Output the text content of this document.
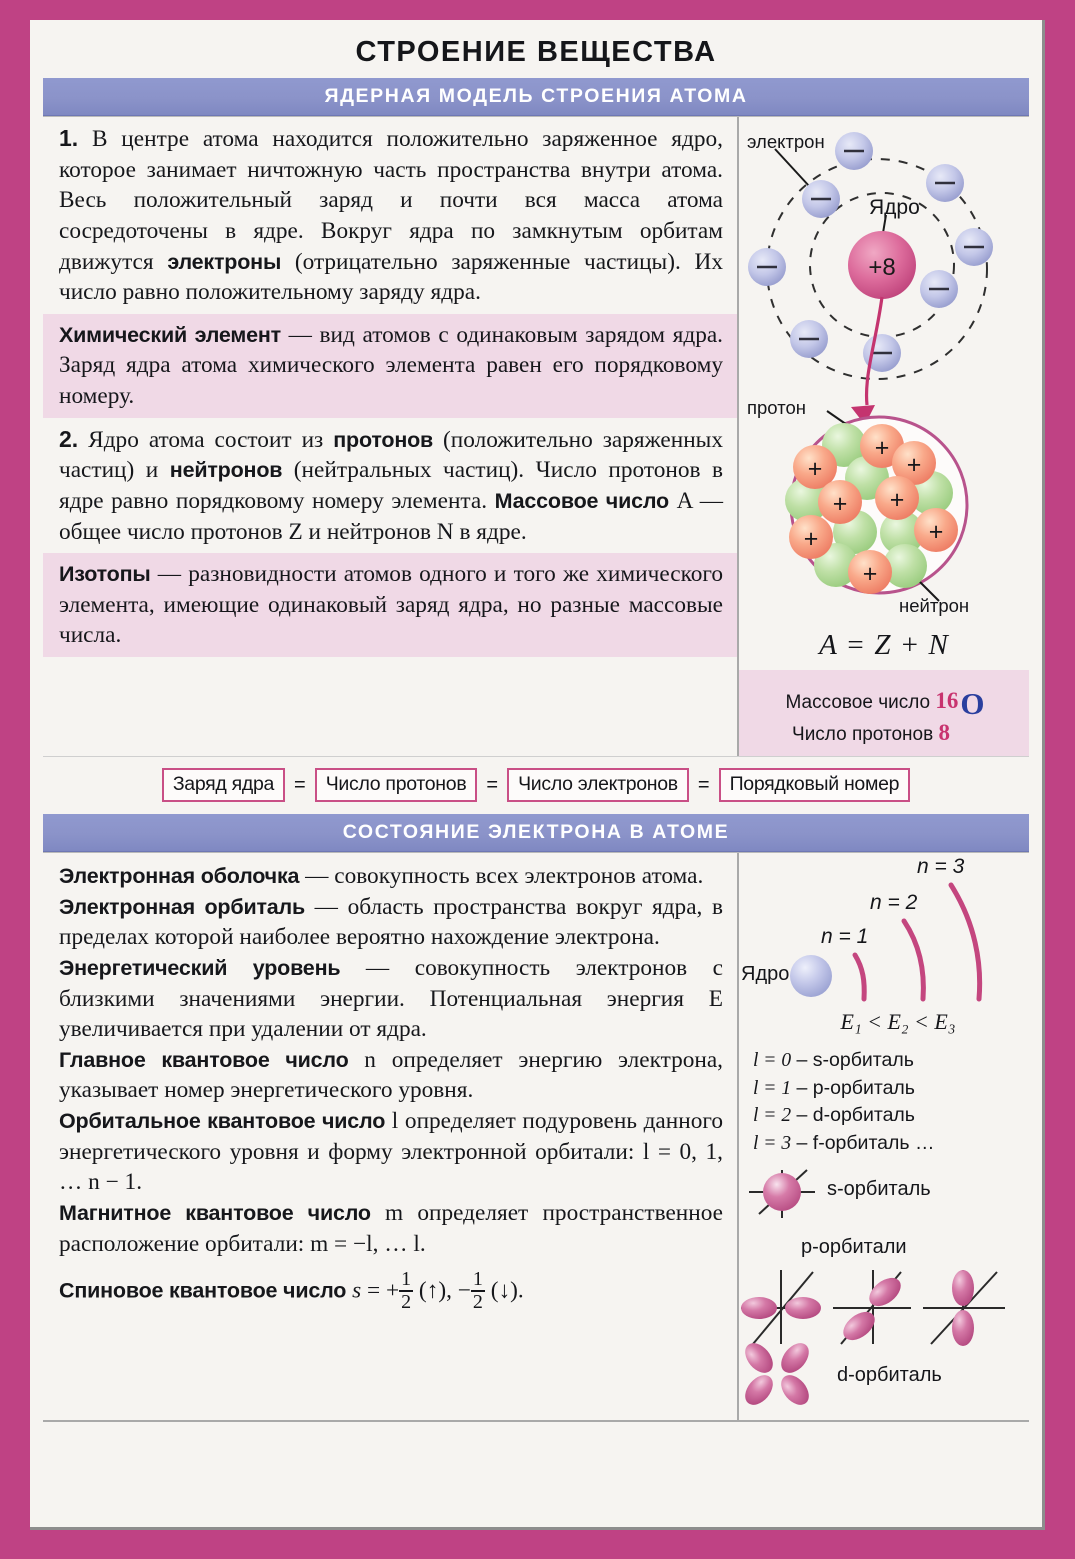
СТРОЕНИЕ ВЕЩЕСТВА
ЯДЕРНАЯ МОДЕЛЬ СТРОЕНИЯ АТОМА
1. В центре атома находится положительно заряженное ядро, которое занимает ничтожную часть пространства внутри атома. Весь положительный заряд и почти вся масса атома сосредоточены в ядре. Вокруг ядра по замкнутым орбитам движутся электроны (отрицательно заряженные частицы). Их число равно положительному заряду ядра.
Химический элемент — вид атомов с одинаковым зарядом ядра. Заряд ядра атома химического элемента равен его порядковому номеру.
2. Ядро атома состоит из протонов (положительно заряженных частиц) и нейтронов (нейтральных частиц). Число протонов в ядре равно порядковому номеру элемента. Массовое число A — общее число протонов Z и нейтронов N в ядре.
Изотопы — разновидности атомов одного и того же химического элемента, имеющие одинаковый заряд ядра, но разные массовые числа.
+8
электрон
Ядро
+
+	+
+ +
+	+
+
протон
нейтрон
A = Z + N
Массовое число 16O
Число протонов 8
Заряд ядра	=	Число протонов	=	Число электронов	=	Порядковый номер
СОСТОЯНИЕ ЭЛЕКТРОНА В АТОМЕ
Электронная оболочка — совокупность всех электронов атома.
Электронная орбиталь — область пространства вокруг ядра, в пределах которой наиболее вероятно нахождение электрона.
Энергетический уровень — совокупность электронов с близкими значениями энергии. Потенциальная энергия E увеличивается при удалении от ядра.
Главное квантовое число n определяет энергию электрона, указывает номер энергетического уровня.
Орбитальное квантовое число l определяет подуровень данного энергетического уровня и форму электронной орбитали: l = 0, 1, … n − 1.
Магнитное квантовое число m определяет пространственное расположение орбитали: m = −l, … l.
Спиновое квантовое число s = + $\frac{1}{2}$ (↑), − $\frac{1}{2}$ (↓).
Ядро
n = 1
n = 2
n = 3
E₁ < E₂ < E₃
l = 0 – s-орбиталь
l = 1 – p-орбиталь
l = 2 – d-орбиталь
l = 3 – f-орбиталь …
s-орбиталь
p-орбитали
d-орбиталь
